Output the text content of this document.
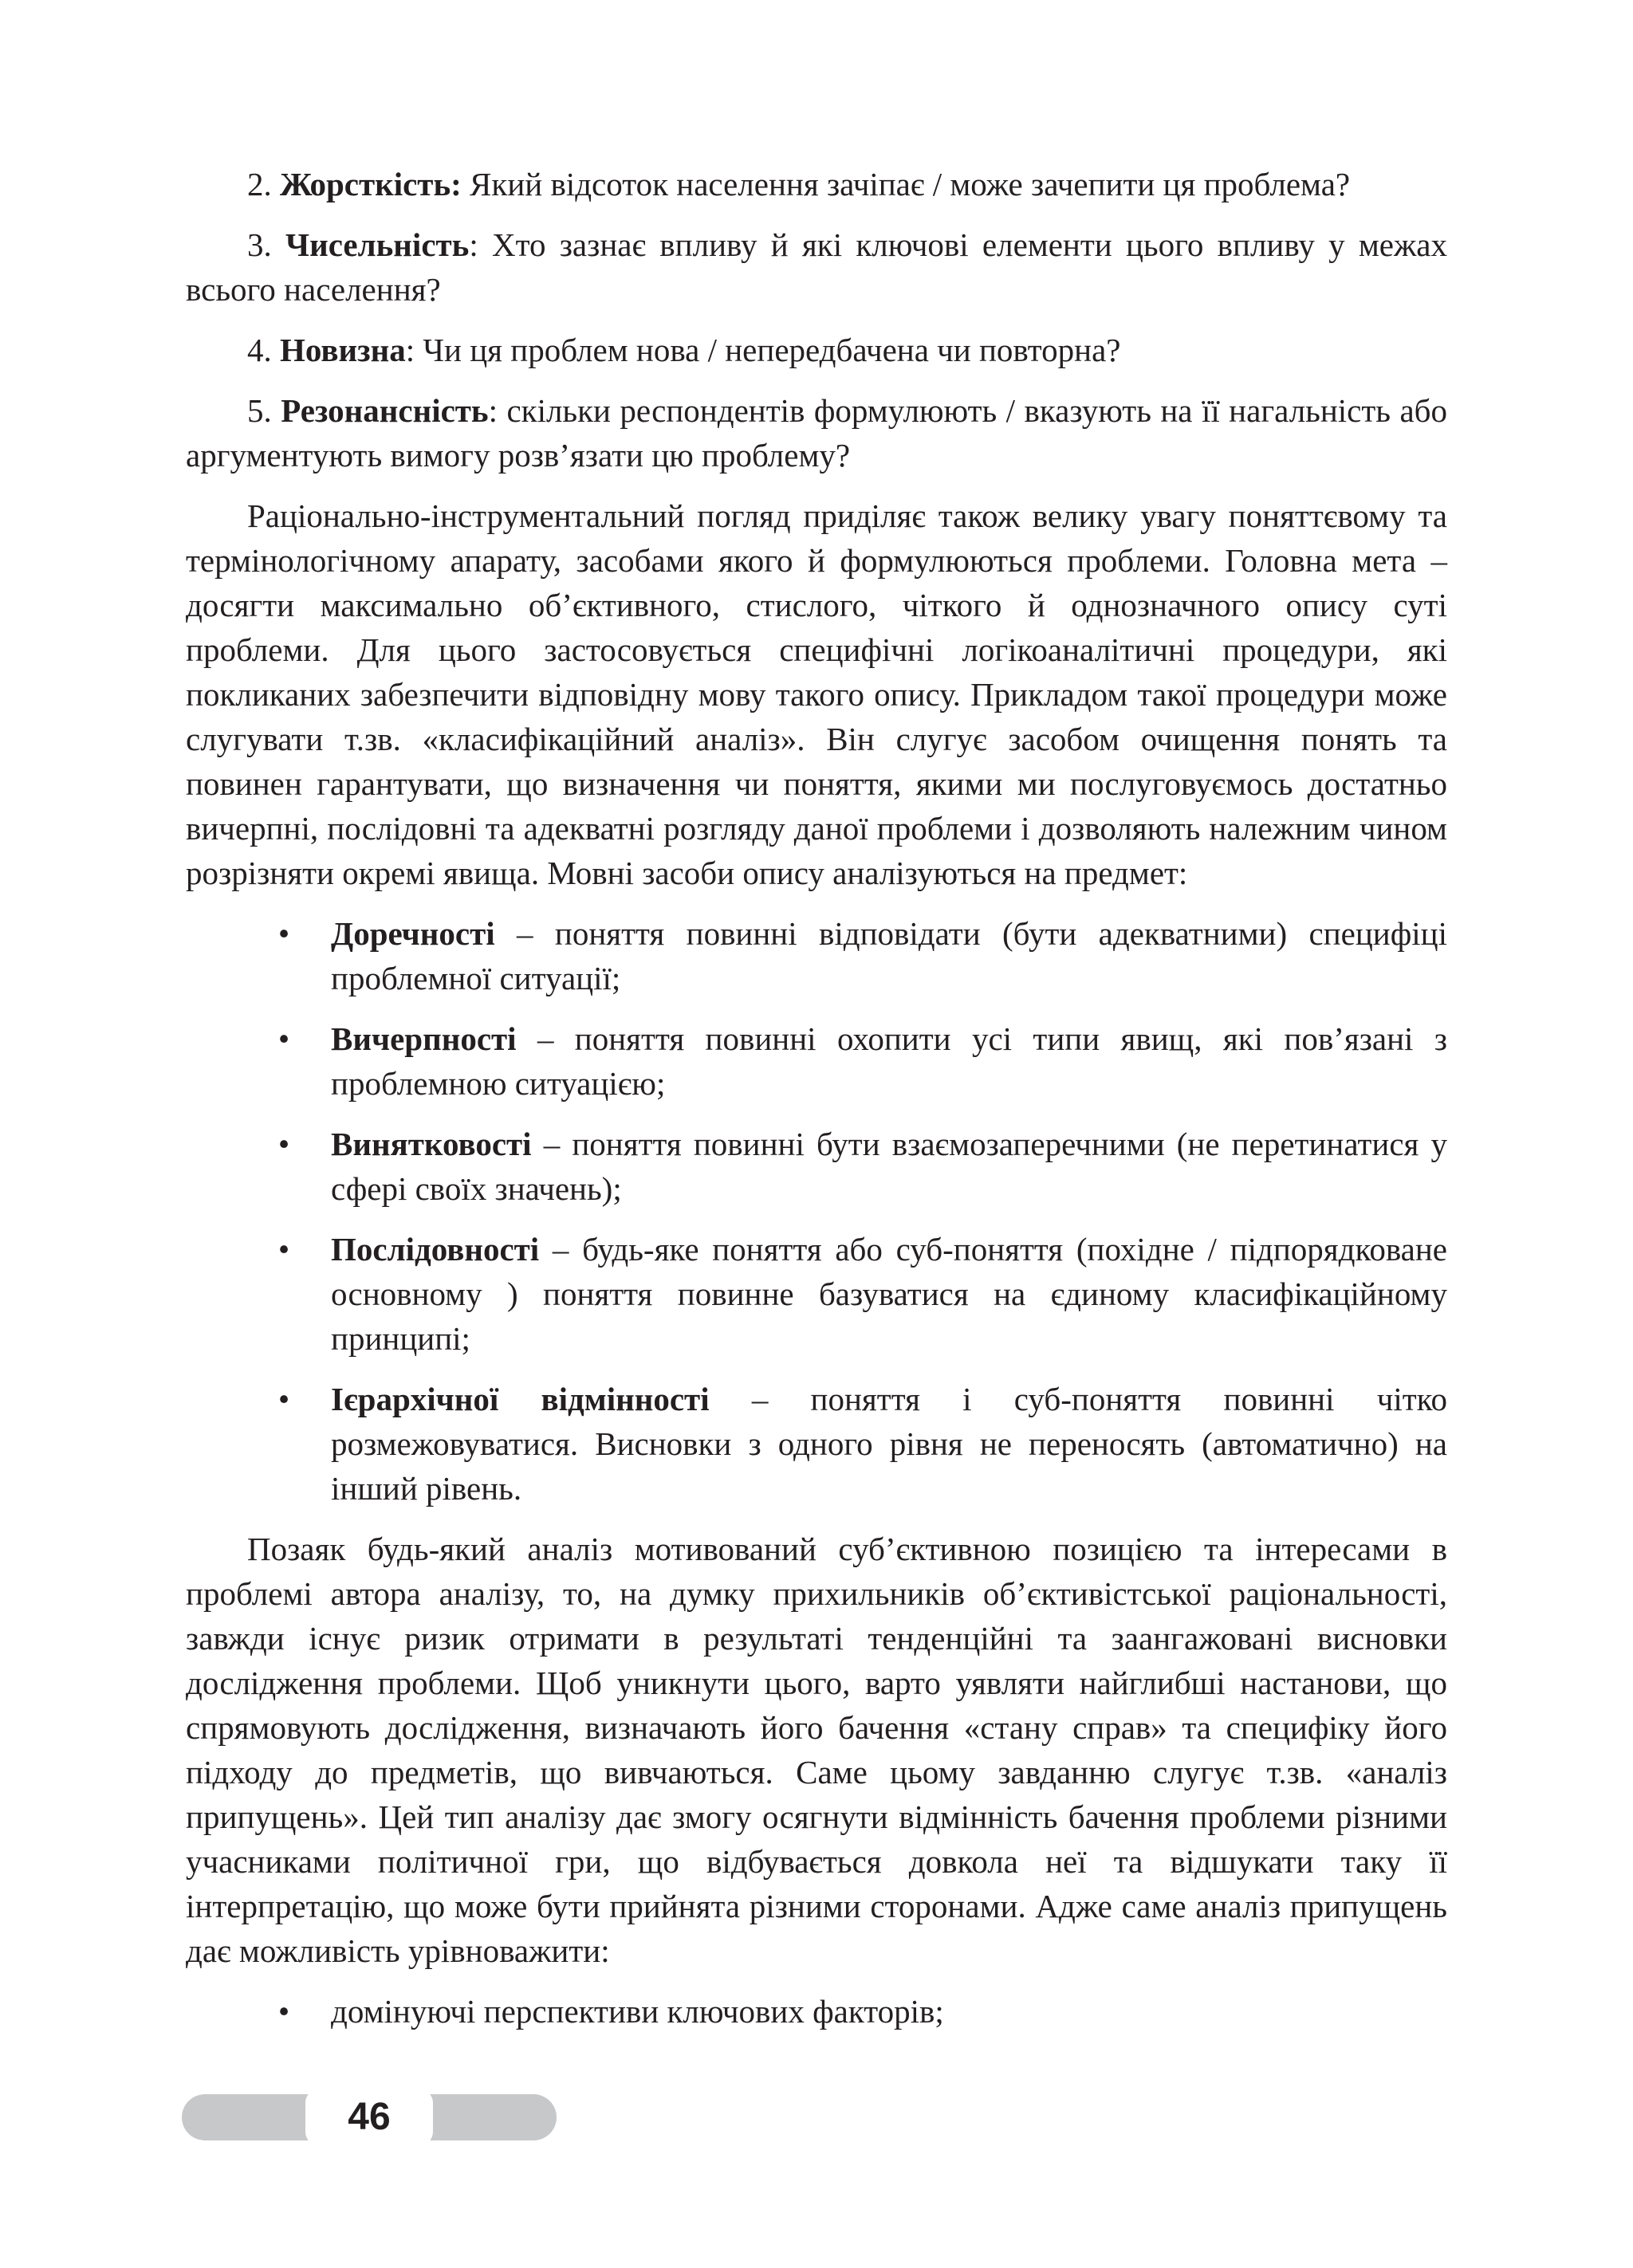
2. Жорсткість: Який відсоток населення зачіпає / може зачепити ця проблема?

3. Чисельність: Хто зазнає впливу й які ключові елементи цього впливу у межах всього населення?

4. Новизна: Чи ця проблем нова / непередбачена чи повторна?

5. Резонансність: скільки респондентів формулюють / вказують на її нагальність або аргументують вимогу розв’язати цю проблему?

Раціонально-інструментальний погляд приділяє також велику увагу поняттєвому та термінологічному апарату, засобами якого й формулюються проблеми. Головна мета – досягти максимально об’єктивного, стислого, чіткого й однозначного опису суті проблеми. Для цього застосовується специфічні логікоаналітичні процедури, які покликаних забезпечити відповідну мову такого опису. Прикладом такої процедури може слугувати т.зв. «класифікаційний аналіз». Він слугує засобом очищення понять та повинен гарантувати, що визначення чи поняття, якими ми послуговуємось достатньо вичерпні, послідовні та адекватні розгляду даної проблеми і дозволяють належним чином розрізняти окремі явища. Мовні засоби опису аналізуються на предмет:

• Доречності – поняття повинні відповідати (бути адекватними) специфіці проблемної ситуації;
• Вичерпності – поняття повинні охопити усі типи явищ, які пов’язані з проблемною ситуацією;
• Винятковості – поняття повинні бути взаємозаперечними (не перетинатися у сфері своїх значень);
• Послідовності – будь-яке поняття або суб-поняття (похідне / підпорядковане основному ) поняття повинне базуватися на єдиному класифікаційному принципі;
• Ієрархічної відмінності – поняття і суб-поняття повинні чітко розмежовуватися. Висновки з одного рівня не переносять (автоматично) на інший рівень.

Позаяк будь-який аналіз мотивований суб’єктивною позицією та інтересами в проблемі автора аналізу, то, на думку прихильників об’єктивістської раціональності, завжди існує ризик отримати в результаті тенденційні та заангажовані висновки дослідження проблеми. Щоб уникнути цього, варто уявляти найглибші настанови, що спрямовують дослідження, визначають його бачення «стану справ» та специфіку його підходу до предметів, що вивчаються. Саме цьому завданню слугує т.зв. «аналіз припущень». Цей тип аналізу дає змогу осягнути відмінність бачення проблеми різними учасниками політичної гри, що відбувається довкола неї та відшукати таку її інтерпретацію, що може бути прийнята різними сторонами. Адже саме аналіз припущень дає можливість урівноважити:

• домінуючі перспективи ключових факторів;
46
